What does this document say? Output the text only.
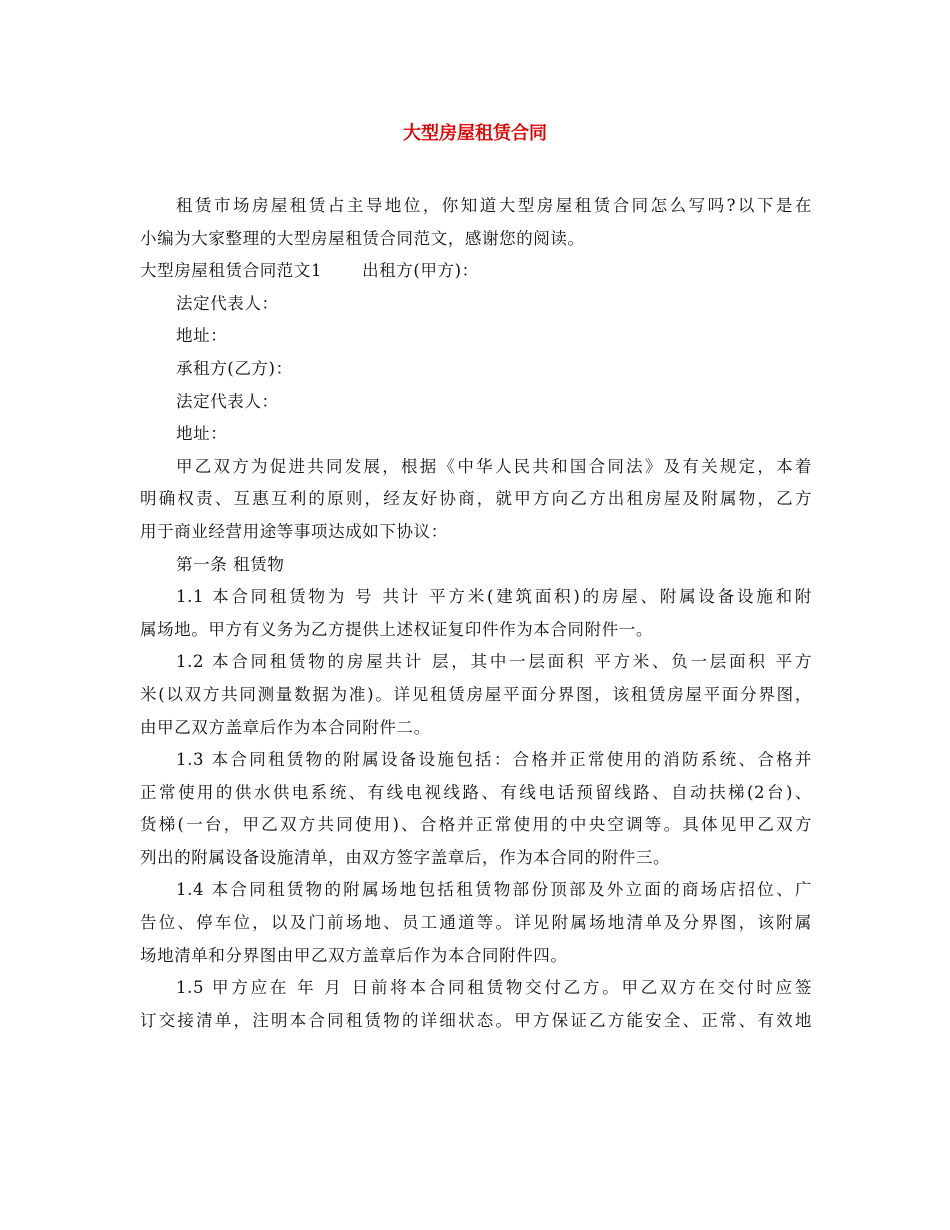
大型房屋租赁合同
租赁市场房屋租赁占主导地位，你知道大型房屋租赁合同怎么写吗?以下是在
小编为大家整理的大型房屋租赁合同范文，感谢您的阅读。
大型房屋租赁合同范文1 出租方(甲方)：
法定代表人：
地址：
承租方(乙方)：
法定代表人：
地址：
甲乙双方为促进共同发展，根据《中华人民共和国合同法》及有关规定，本着
明确权责、互惠互利的原则，经友好协商，就甲方向乙方出租房屋及附属物，乙方
用于商业经营用途等事项达成如下协议：
第一条 租赁物
1.1 本合同租赁物为 号 共计 平方米(建筑面积)的房屋、附属设备设施和附
属场地。甲方有义务为乙方提供上述权证复印件作为本合同附件一。
1.2 本合同租赁物的房屋共计 层，其中一层面积 平方米、负一层面积 平方
米(以双方共同测量数据为准)。详见租赁房屋平面分界图，该租赁房屋平面分界图，
由甲乙双方盖章后作为本合同附件二。
1.3 本合同租赁物的附属设备设施包括：合格并正常使用的消防系统、合格并
正常使用的供水供电系统、有线电视线路、有线电话预留线路、自动扶梯(2台)、
货梯(一台，甲乙双方共同使用)、合格并正常使用的中央空调等。具体见甲乙双方
列出的附属设备设施清单，由双方签字盖章后，作为本合同的附件三。
1.4 本合同租赁物的附属场地包括租赁物部份顶部及外立面的商场店招位、广
告位、停车位，以及门前场地、员工通道等。详见附属场地清单及分界图，该附属
场地清单和分界图由甲乙双方盖章后作为本合同附件四。
1.5 甲方应在 年 月 日前将本合同租赁物交付乙方。甲乙双方在交付时应签
订交接清单，注明本合同租赁物的详细状态。甲方保证乙方能安全、正常、有效地
